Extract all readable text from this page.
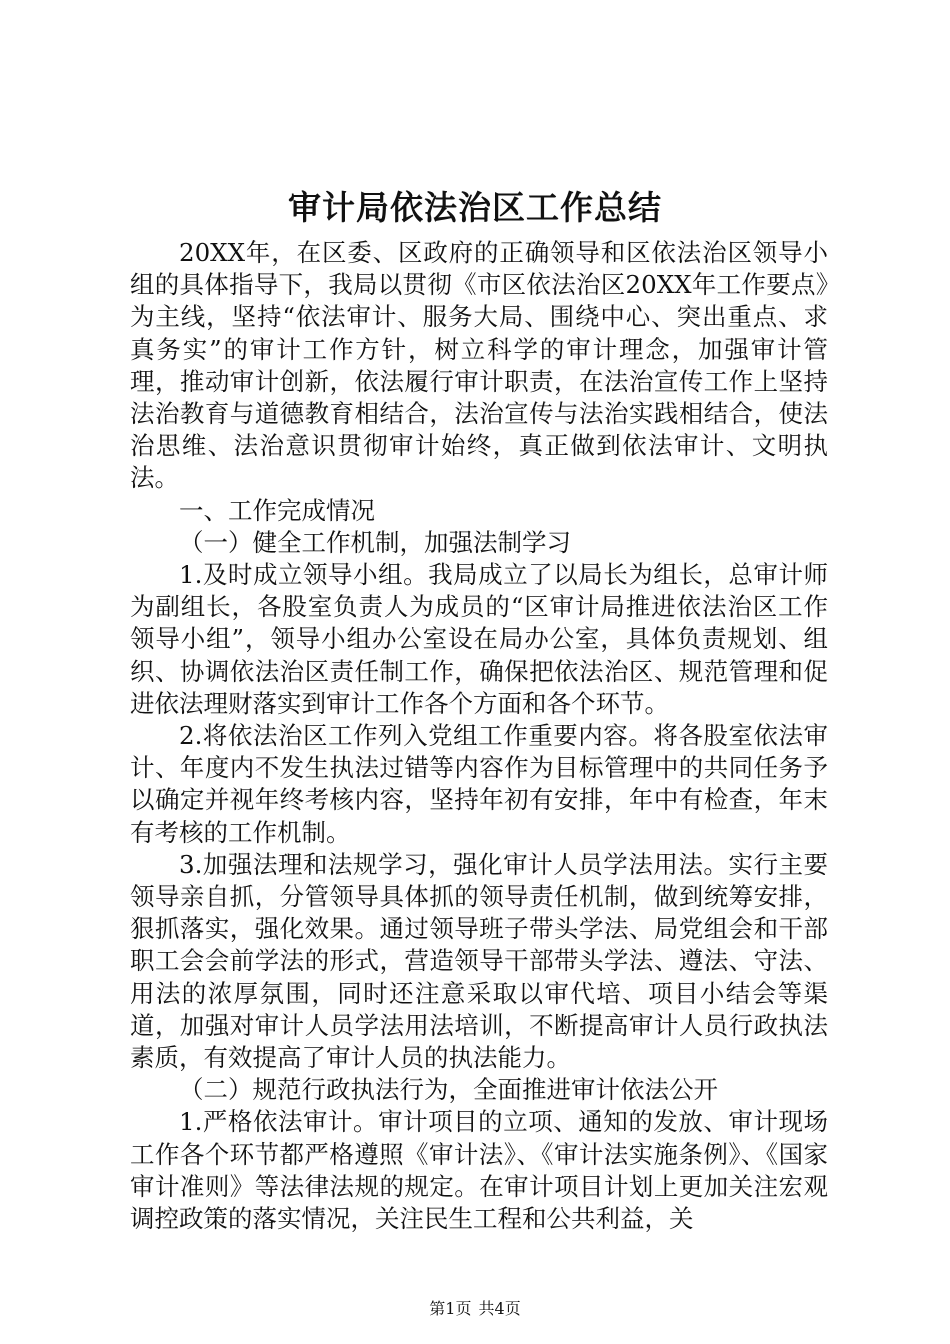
审计局依法治区工作总结

20XX年，在区委、区政府的正确领导和区依法治区领导小组的具体指导下，我局以贯彻《市区依法治区20XX年工作要点》为主线，坚持“依法审计、服务大局、围绕中心、突出重点、求真务实”的审计工作方针，树立科学的审计理念，加强审计管理，推动审计创新，依法履行审计职责，在法治宣传工作上坚持法治教育与道德教育相结合，法治宣传与法治实践相结合，使法治思维、法治意识贯彻审计始终，真正做到依法审计、文明执法。

一、工作完成情况

（一）健全工作机制，加强法制学习

1.及时成立领导小组。我局成立了以局长为组长，总审计师为副组长，各股室负责人为成员的“区审计局推进依法治区工作领导小组”，领导小组办公室设在局办公室，具体负责规划、组织、协调依法治区责任制工作，确保把依法治区、规范管理和促进依法理财落实到审计工作各个方面和各个环节。

2.将依法治区工作列入党组工作重要内容。将各股室依法审计、年度内不发生执法过错等内容作为目标管理中的共同任务予以确定并视年终考核内容，坚持年初有安排，年中有检查，年末有考核的工作机制。

3.加强法理和法规学习，强化审计人员学法用法。实行主要领导亲自抓，分管领导具体抓的领导责任机制，做到统筹安排，狠抓落实，强化效果。通过领导班子带头学法、局党组会和干部职工会会前学法的形式，营造领导干部带头学法、遵法、守法、用法的浓厚氛围，同时还注意采取以审代培、项目小结会等渠道，加强对审计人员学法用法培训，不断提高审计人员行政执法素质，有效提高了审计人员的执法能力。

（二）规范行政执法行为，全面推进审计依法公开

1.严格依法审计。审计项目的立项、通知的发放、审计现场工作各个环节都严格遵照《审计法》、《审计法实施条例》、《国家审计准则》等法律法规的规定。在审计项目计划上更加关注宏观调控政策的落实情况，关注民生工程和公共利益，关

第1页 共4页
